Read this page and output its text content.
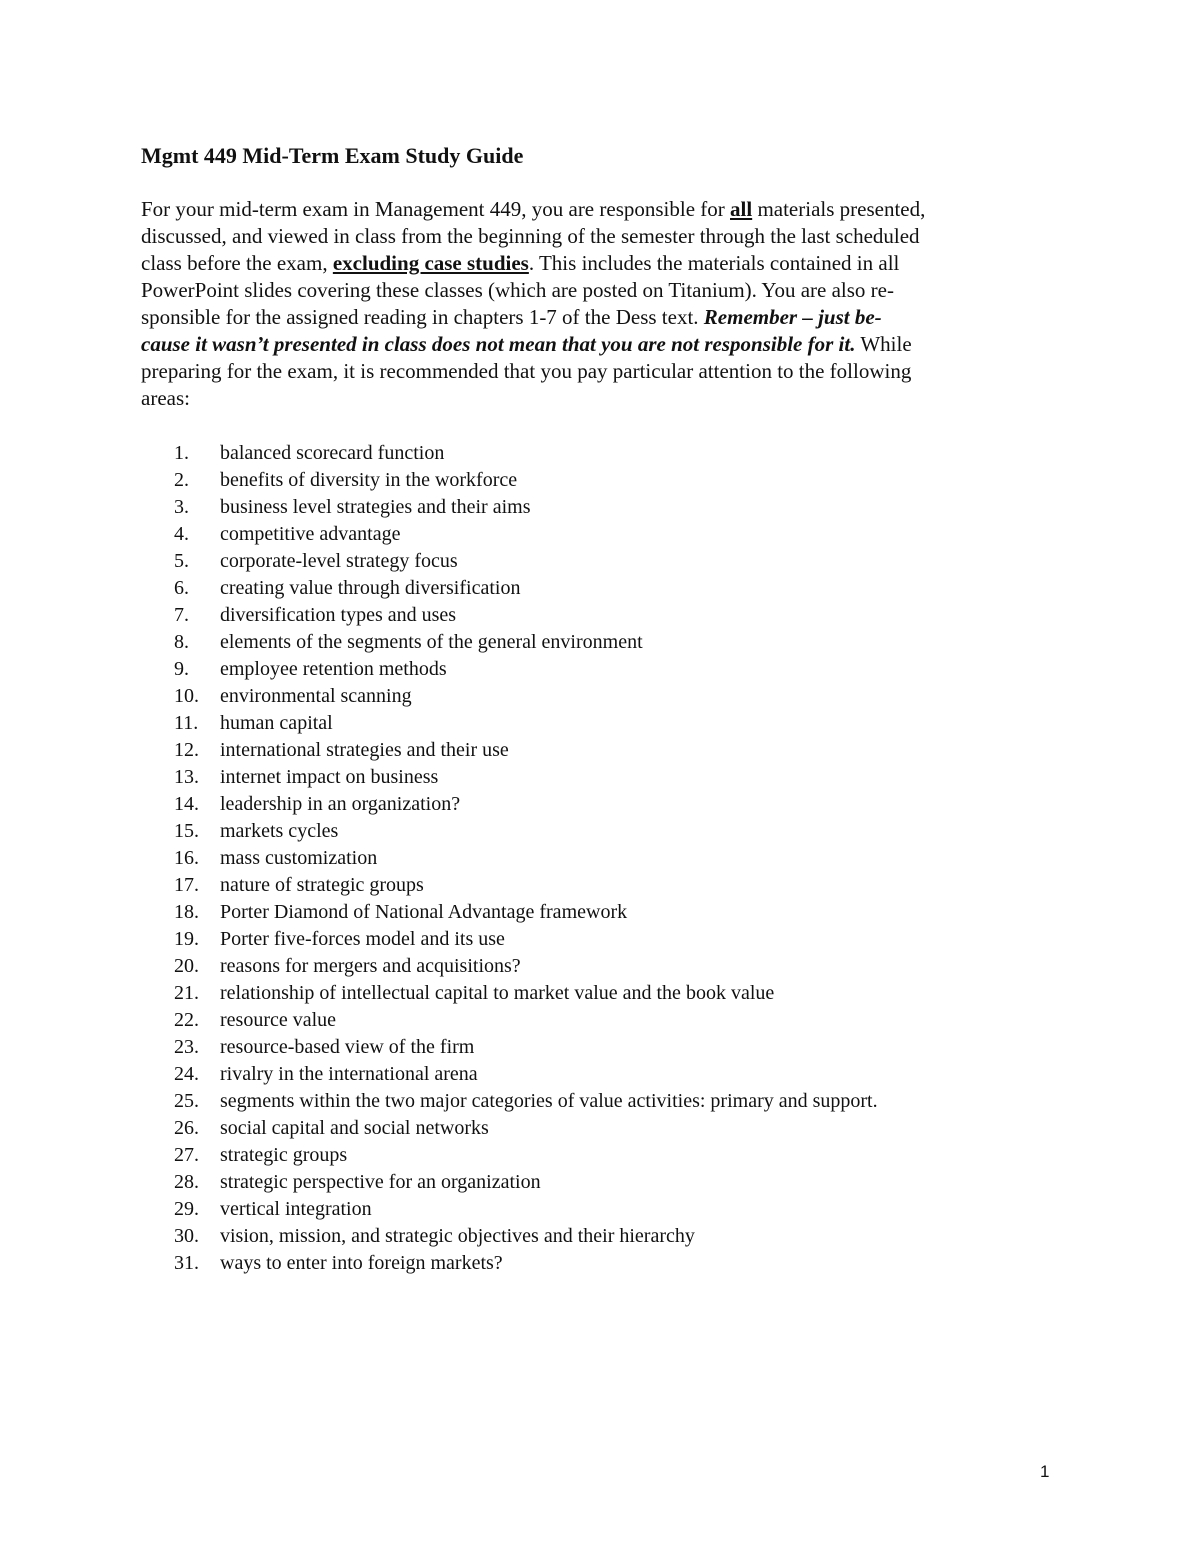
Mgmt 449 Mid-Term Exam Study Guide
For your mid-term exam in Management 449, you are responsible for all materials presented,
discussed, and viewed in class from the beginning of the semester through the last scheduled
class before the exam, excluding case studies. This includes the materials contained in all
PowerPoint slides covering these classes (which are posted on Titanium). You are also re-
sponsible for the assigned reading in chapters 1-7 of the Dess text. Remember – just be-
cause it wasn’t presented in class does not mean that you are not responsible for it. While
preparing for the exam, it is recommended that you pay particular attention to the following
areas:
1.	balanced scorecard function
2.	benefits of diversity in the workforce
3.	business level strategies and their aims
4.	competitive advantage
5.	corporate-level strategy focus
6.	creating value through diversification
7.	diversification types and uses
8.	elements of the segments of the general environment
9.	employee retention methods
10.	environmental scanning
11.	human capital
12.	international strategies and their use
13.	internet impact on business
14.	leadership in an organization?
15.	markets cycles
16.	mass customization
17.	nature of strategic groups
18.	Porter Diamond of National Advantage framework
19.	Porter five-forces model and its use
20.	reasons for mergers and acquisitions?
21.	relationship of intellectual capital to market value and the book value
22.	resource value
23.	resource-based view of the firm
24.	rivalry in the international arena
25.	segments within the two major categories of value activities: primary and support.
26.	social capital and social networks
27.	strategic groups
28.	strategic perspective for an organization
29.	vertical integration
30.	vision, mission, and strategic objectives and their hierarchy
31.	ways to enter into foreign markets?
1
